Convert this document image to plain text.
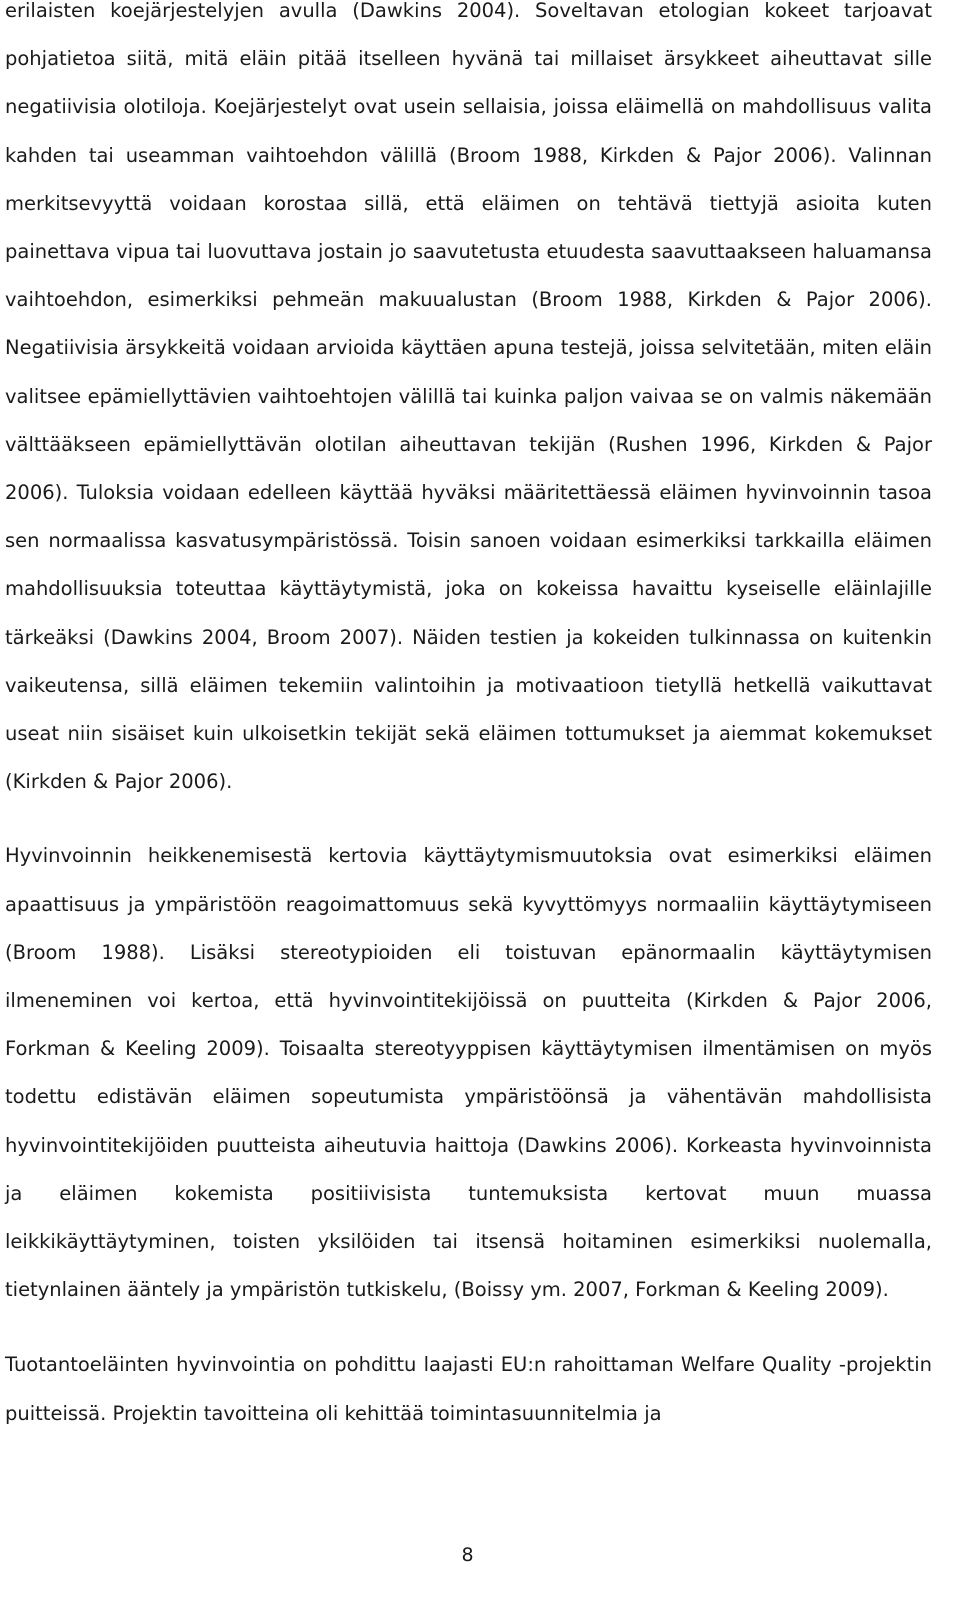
erilaisten koejärjestelyjen avulla (Dawkins 2004). Soveltavan etologian kokeet tarjoavat pohjatietoa siitä, mitä eläin pitää itselleen hyvänä tai millaiset ärsykkeet aiheuttavat sille negatiivisia olotiloja. Koejärjestelyt ovat usein sellaisia, joissa eläimellä on mahdollisuus valita kahden tai useamman vaihtoehdon välillä (Broom 1988, Kirkden & Pajor 2006). Valinnan merkitsevyyttä voidaan korostaa sillä, että eläimen on tehtävä tiettyjä asioita kuten painettava vipua tai luovuttava jostain jo saavutetusta etuudesta saavuttaakseen haluamansa vaihtoehdon, esimerkiksi pehmeän makuualustan (Broom 1988, Kirkden & Pajor 2006). Negatiivisia ärsykkeitä voidaan arvioida käyttäen apuna testejä, joissa selvitetään, miten eläin valitsee epämiellyttävien vaihtoehtojen välillä tai kuinka paljon vaivaa se on valmis näkemään välttääkseen epämiellyttävän olotilan aiheuttavan tekijän (Rushen 1996, Kirkden & Pajor 2006). Tuloksia voidaan edelleen käyttää hyväksi määritettäessä eläimen hyvinvoinnin tasoa sen normaalissa kasvatusympäristössä. Toisin sanoen voidaan esimerkiksi tarkkailla eläimen mahdollisuuksia toteuttaa käyttäytymistä, joka on kokeissa havaittu kyseiselle eläinlajille tärkeäksi (Dawkins 2004, Broom 2007). Näiden testien ja kokeiden tulkinnassa on kuitenkin vaikeutensa, sillä eläimen tekemiin valintoihin ja motivaatioon tietyllä hetkellä vaikuttavat useat niin sisäiset kuin ulkoisetkin tekijät sekä eläimen tottumukset ja aiemmat kokemukset (Kirkden & Pajor 2006).

Hyvinvoinnin heikkenemisestä kertovia käyttäytymismuutoksia ovat esimerkiksi eläimen apaattisuus ja ympäristöön reagoimattomuus sekä kyvyttömyys normaaliin käyttäytymiseen (Broom 1988). Lisäksi stereotypioiden eli toistuvan epänormaalin käyttäytymisen ilmeneminen voi kertoa, että hyvinvointitekijöissä on puutteita (Kirkden & Pajor 2006, Forkman & Keeling 2009). Toisaalta stereotyyppisen käyttäytymisen ilmentämisen on myös todettu edistävän eläimen sopeutumista ympäristöönsä ja vähentävän mahdollisista hyvinvointitekijöiden puutteista aiheutuvia haittoja (Dawkins 2006). Korkeasta hyvinvoinnista ja eläimen kokemista positiivisista tuntemuksista kertovat muun muassa leikkikäyttäytyminen, toisten yksilöiden tai itsensä hoitaminen esimerkiksi nuolemalla, tietynlainen ääntely ja ympäristön tutkiskelu, (Boissy ym. 2007, Forkman & Keeling 2009).

Tuotantoeläinten hyvinvointia on pohdittu laajasti EU:n rahoittaman Welfare Quality -projektin puitteissä. Projektin tavoitteina oli kehittää toimintasuunnitelmia ja

8
